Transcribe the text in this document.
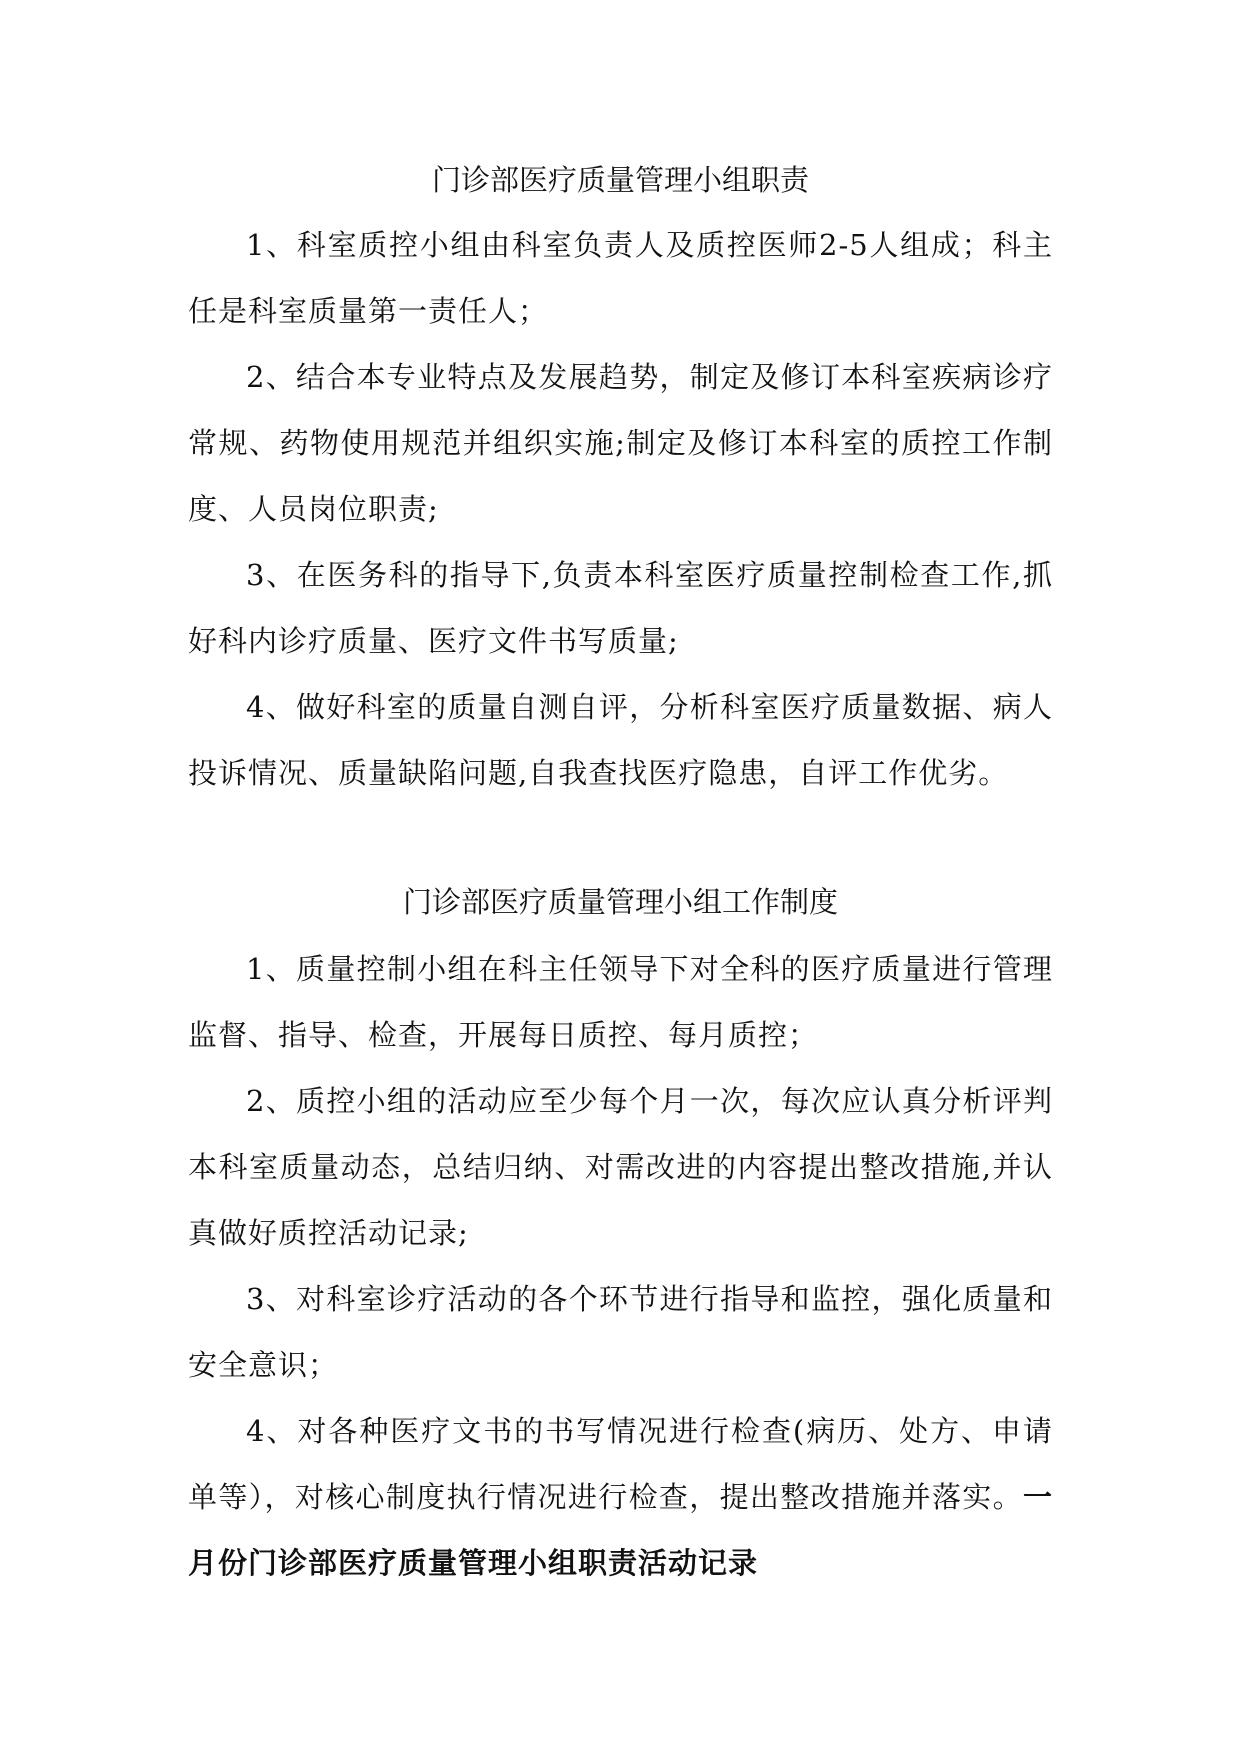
门诊部医疗质量管理小组职责

1、科室质控小组由科室负责人及质控医师2-5人组成；科主任是科室质量第一责任人；

2、结合本专业特点及发展趋势，制定及修订本科室疾病诊疗常规、药物使用规范并组织实施;制定及修订本科室的质控工作制度、人员岗位职责;

3、在医务科的指导下,负责本科室医疗质量控制检查工作,抓好科内诊疗质量、医疗文件书写质量;

4、做好科室的质量自测自评，分析科室医疗质量数据、病人投诉情况、质量缺陷问题,自我查找医疗隐患，自评工作优劣。

门诊部医疗质量管理小组工作制度

1、质量控制小组在科主任领导下对全科的医疗质量进行管理监督、指导、检查，开展每日质控、每月质控；

2、质控小组的活动应至少每个月一次，每次应认真分析评判本科室质量动态，总结归纳、对需改进的内容提出整改措施,并认真做好质控活动记录;

3、对科室诊疗活动的各个环节进行指导和监控，强化质量和安全意识；

4、对各种医疗文书的书写情况进行检查(病历、处方、申请单等），对核心制度执行情况进行检查，提出整改措施并落实。一月份门诊部医疗质量管理小组职责活动记录
